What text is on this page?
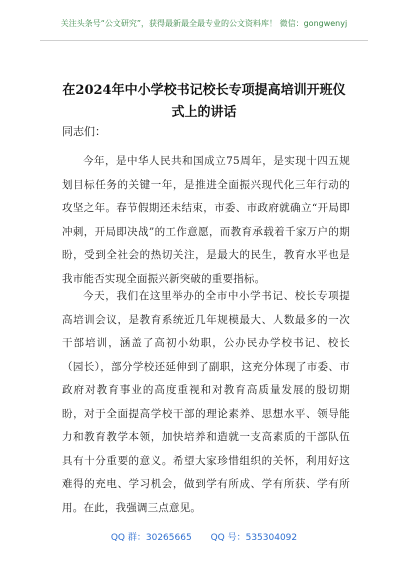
关注头条号“公文研究”，获得最新最全最专业的公文资料库！ 微信：gongwenyj
在2024年中小学校书记校长专项提高培训开班仪式上的讲话
同志们：

今年，是中华人民共和国成立75周年，是实现十四五规划目标任务的关键一年，是推进全面振兴现代化三年行动的攻坚之年。春节假期还未结束，市委、市政府就确立“开局即冲刺，开局即决战”的工作意愿，而教育承载着千家万户的期盼，受到全社会的热切关注，是最大的民生，教育水平也是我市能否实现全面振兴新突破的重要指标。

今天，我们在这里举办的全市中小学书记、校长专项提高培训会议，是教育系统近几年规模最大、人数最多的一次干部培训，涵盖了高初小幼职，公办民办学校书记、校长（园长），部分学校还延伸到了副职，这充分体现了市委、市政府对教育事业的高度重视和对教育高质量发展的殷切期盼，对于全面提高学校干部的理论素养、思想水平、领导能力和教育教学本领，加快培养和造就一支高素质的干部队伍具有十分重要的意义。希望大家珍惜组织的关怀，利用好这难得的充电、学习机会，做到学有所成、学有所获、学有所用。在此，我强调三点意见。

QQ 群：30265665 QQ 号：535304092
